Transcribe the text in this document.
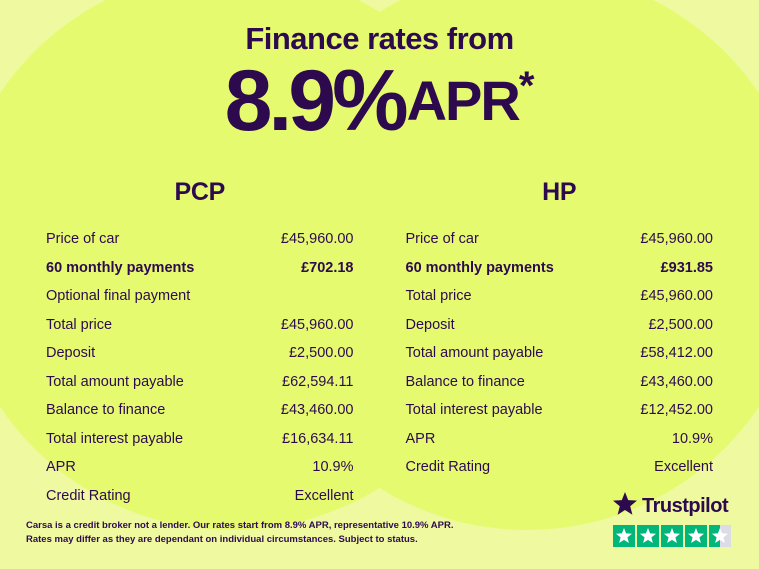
Finance rates from
8.9%APR*
PCP
Price of car	£45,960.00
60 monthly payments	£702.18
Optional final payment
Total price	£45,960.00
Deposit	£2,500.00
Total amount payable	£62,594.11
Balance to finance	£43,460.00
Total interest payable	£16,634.11
APR	10.9%
Credit Rating	Excellent
HP
Price of car	£45,960.00
60 monthly payments	£931.85
Total price	£45,960.00
Deposit	£2,500.00
Total amount payable	£58,412.00
Balance to finance	£43,460.00
Total interest payable	£12,452.00
APR	10.9%
Credit Rating	Excellent
Carsa is a credit broker not a lender. Our rates start from 8.9% APR, representative 10.9% APR. Rates may differ as they are dependant on individual circumstances. Subject to status.
Trustpilot
